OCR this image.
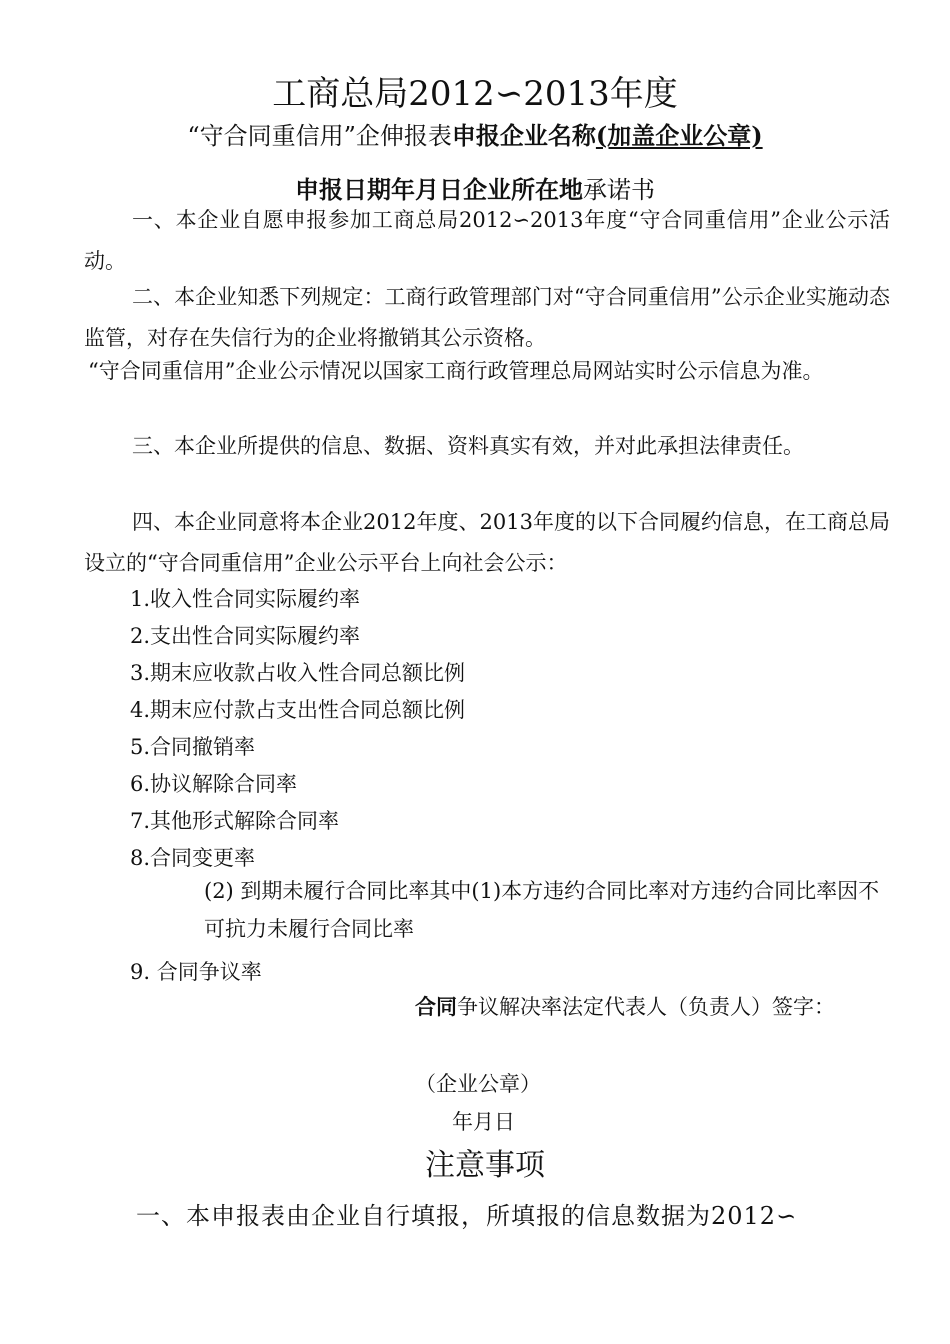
工商总局2012∽2013年度
“守合同重信用”企伸报表申报企业名称(加盖企业公章)
申报日期年月日企业所在地承诺书
一、本企业自愿申报参加工商总局2012∽2013年度“守合同重信用”企业公示活动。
二、本企业知悉下列规定：工商行政管理部门对“守合同重信用”公示企业实施动态监管，对存在失信行为的企业将撤销其公示资格。
“守合同重信用”企业公示情况以国家工商行政管理总局网站实时公示信息为准。
三、本企业所提供的信息、数据、资料真实有效，并对此承担法律责任。
四、本企业同意将本企业2012年度、2013年度的以下合同履约信息，在工商总局设立的“守合同重信用”企业公示平台上向社会公示：
1.收入性合同实际履约率
2.支出性合同实际履约率
3.期末应收款占收入性合同总额比例
4.期末应付款占支出性合同总额比例
5.合同撤销率
6.协议解除合同率
7.其他形式解除合同率
8.合同变更率
(2) 到期未履行合同比率其中(1)本方违约合同比率对方违约合同比率因不可抗力未履行合同比率
9. 合同争议率
合同争议解决率法定代表人（负责人）签字：
（企业公章）
年月日
注意事项
一、本申报表由企业自行填报，所填报的信息数据为2012∽
